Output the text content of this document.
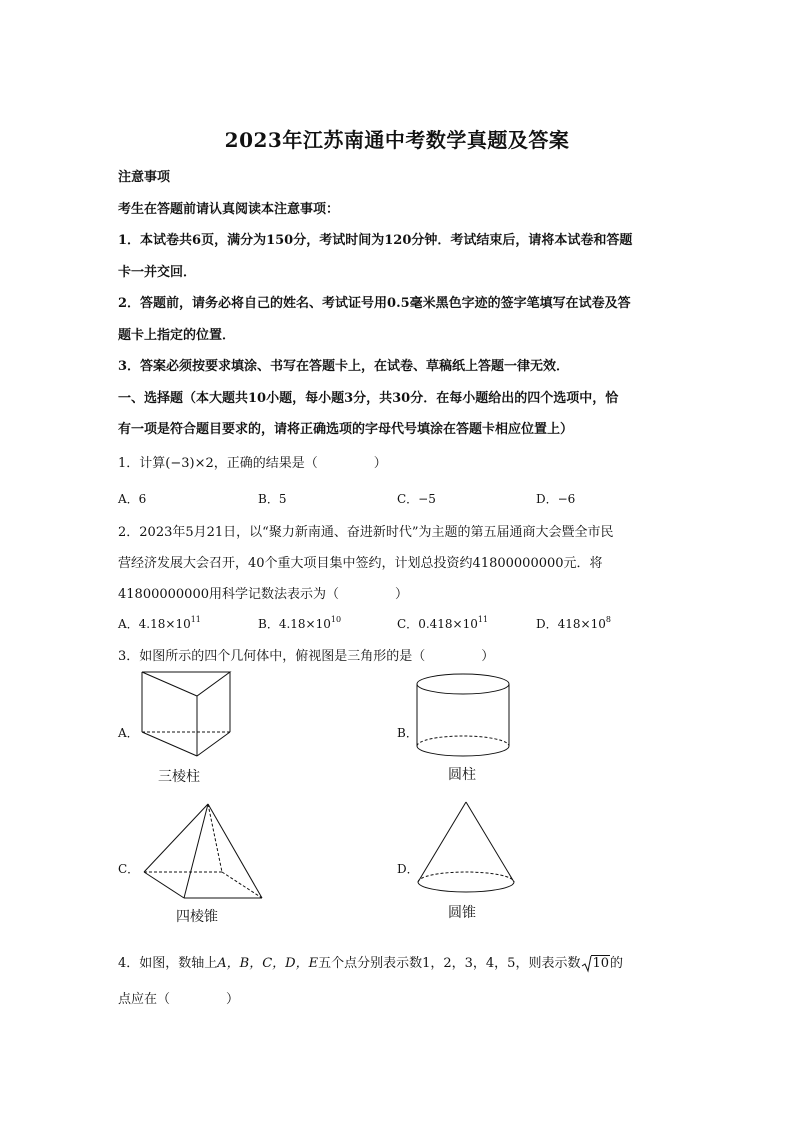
2023年江苏南通中考数学真题及答案
注意事项
考生在答题前请认真阅读本注意事项：
1．本试卷共6页，满分为150分，考试时间为120分钟．考试结束后，请将本试卷和答题
卡一并交回．
2．答题前，请务必将自己的姓名、考试证号用0.5毫米黑色字迹的签字笔填写在试卷及答
题卡上指定的位置．
3．答案必须按要求填涂、书写在答题卡上，在试卷、草稿纸上答题一律无效．
一、选择题（本大题共10小题，每小题3分，共30分．在每小题给出的四个选项中，恰
有一项是符合题目要求的，请将正确选项的字母代号填涂在答题卡相应位置上）
1．计算(−3)×2，正确的结果是（	）
A．6	B．5	C．−5	D．−6
2．2023年5月21日，以“聚力新南通、奋进新时代”为主题的第五届通商大会暨全市民
营经济发展大会召开，40个重大项目集中签约，计划总投资约41800000000元．将
41800000000用科学记数法表示为（	）
A．$4.18\times 10^{11}$	B．$4.18\times 10^{10}$	C．$0.418\times 10^{11}$	D．$418\times 10^8$
3．如图所示的四个几何体中，俯视图是三角形的是（	）
A．
三棱柱
B．
圆柱
C．
四棱锥
D．
圆锥
4．如图，数轴上A，B，C，D，E五个点分别表示数1，2，3，4，5，则表示数 10的
点应在（	）
